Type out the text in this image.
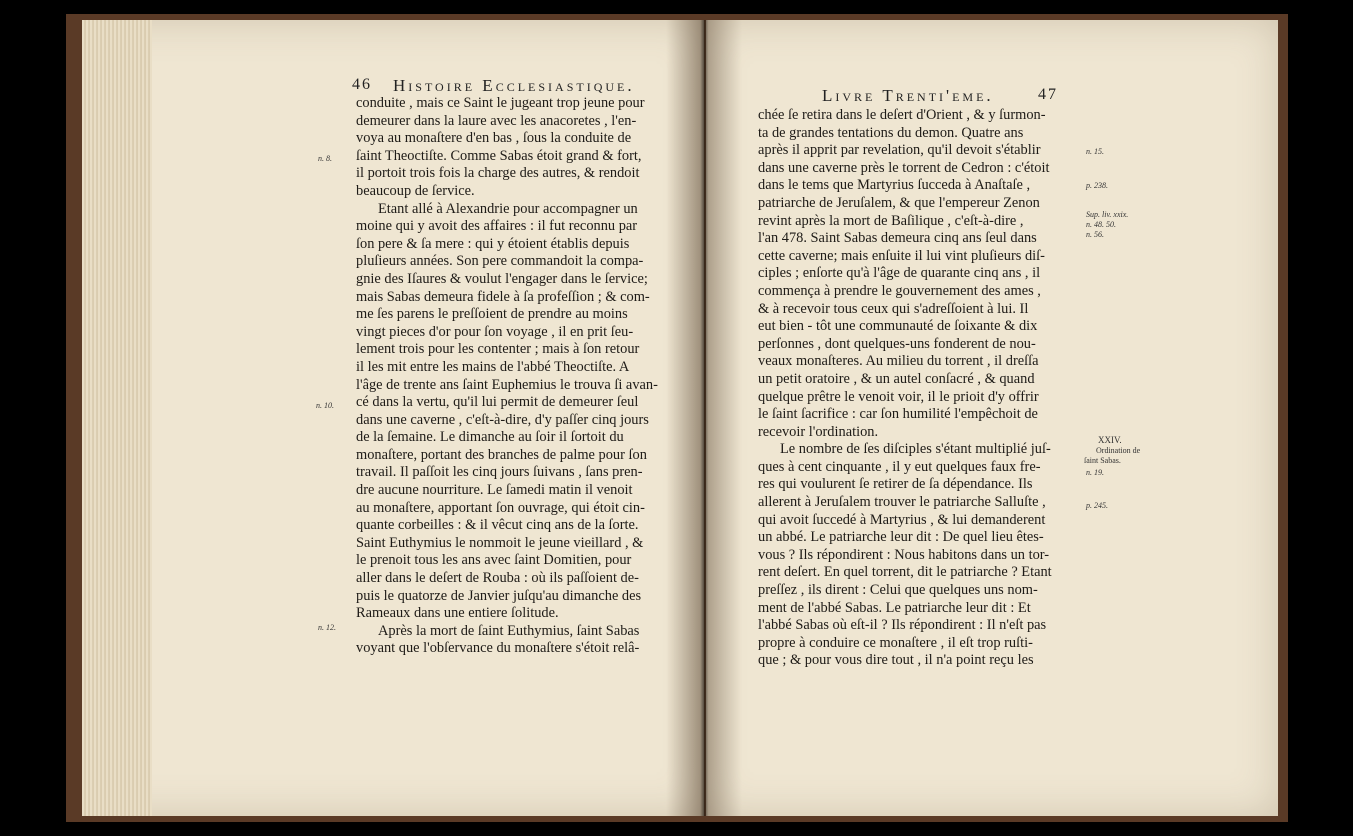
46 Histoire Ecclesiastique.
conduite , mais ce Saint le jugeant trop jeune pour
demeurer dans la laure avec les anacoretes , l'en-
voya au monaſtere d'en bas , ſous la conduite de
ſaint Theoctiſte. Comme Sabas étoit grand & fort,
il portoit trois fois la charge des autres, & rendoit
beaucoup de ſervice.
Etant allé à Alexandrie pour accompagner un
moine qui y avoit des affaires : il fut reconnu par
ſon pere & ſa mere : qui y étoient établis depuis
pluſieurs années. Son pere commandoit la compa-
gnie des Iſaures & voulut l'engager dans le ſervice;
mais Sabas demeura fidele à ſa profeſſion ; & com-
me ſes parens le preſſoient de prendre au moins
vingt pieces d'or pour ſon voyage , il en prit ſeu-
lement trois pour les contenter ; mais à ſon retour
il les mit entre les mains de l'abbé Theoctiſte. A
l'âge de trente ans ſaint Euphemius le trouva ſi avan-
cé dans la vertu, qu'il lui permit de demeurer ſeul
dans une caverne , c'eſt-à-dire, d'y paſſer cinq jours
de la ſemaine. Le dimanche au ſoir il ſortoit du
monaſtere, portant des branches de palme pour ſon
travail. Il paſſoit les cinq jours ſuivans , ſans pren-
dre aucune nourriture. Le ſamedi matin il venoit
au monaſtere, apportant ſon ouvrage, qui étoit cin-
quante corbeilles : & il vêcut cinq ans de la ſorte.
Saint Euthymius le nommoit le jeune vieillard , &
le prenoit tous les ans avec ſaint Domitien, pour
aller dans le deſert de Rouba : où ils paſſoient de-
puis le quatorze de Janvier juſqu'au dimanche des
Rameaux dans une entiere ſolitude.
Après la mort de ſaint Euthymius, ſaint Sabas
voyant que l'obſervance du monaſtere s'étoit relâ-
n. 8.
n. 10.
n. 12.
Livre Trenti'eme.	47
chée ſe retira dans le deſert d'Orient , & y ſurmon-
ta de grandes tentations du demon. Quatre ans
après il apprit par revelation, qu'il devoit s'établir
dans une caverne près le torrent de Cedron : c'étoit
dans le tems que Martyrius ſucceda à Anaſtaſe ,
patriarche de Jeruſalem, & que l'empereur Zenon
revint après la mort de Baſilique , c'eſt-à-dire ,
l'an 478. Saint Sabas demeura cinq ans ſeul dans
cette caverne; mais enſuite il lui vint pluſieurs diſ-
ciples ; enſorte qu'à l'âge de quarante cinq ans , il
commença à prendre le gouvernement des ames ,
& à recevoir tous ceux qui s'adreſſoient à lui. Il
eut bien - tôt une communauté de ſoixante & dix
perſonnes , dont quelques-uns fonderent de nou-
veaux monaſteres. Au milieu du torrent , il dreſſa
un petit oratoire , & un autel conſacré , & quand
quelque prêtre le venoit voir, il le prioit d'y offrir
le ſaint ſacrifice : car ſon humilité l'empêchoit de
recevoir l'ordination.
Le nombre de ſes diſciples s'étant multiplié juſ-
ques à cent cinquante , il y eut quelques faux fre-
res qui voulurent ſe retirer de ſa dépendance. Ils
allerent à Jeruſalem trouver le patriarche Salluſte ,
qui avoit ſuccedé à Martyrius , & lui demanderent
un abbé. Le patriarche leur dit : De quel lieu êtes-
vous ? Ils répondirent : Nous habitons dans un tor-
rent deſert. En quel torrent, dit le patriarche ? Etant
preſſez , ils dirent : Celui que quelques uns nom-
ment de l'abbé Sabas. Le patriarche leur dit : Et
l'abbé Sabas où eſt-il ? Ils répondirent : Il n'eſt pas
propre à conduire ce monaſtere , il eſt trop ruſti-
que ; & pour vous dire tout , il n'a point reçu les
n. 15.
p. 238.
Sup. liv. xxix.
n. 48. 50.
n. 56.
XXIV.
Ordination de
ſaint Sabas.
n. 19.
p. 245.
